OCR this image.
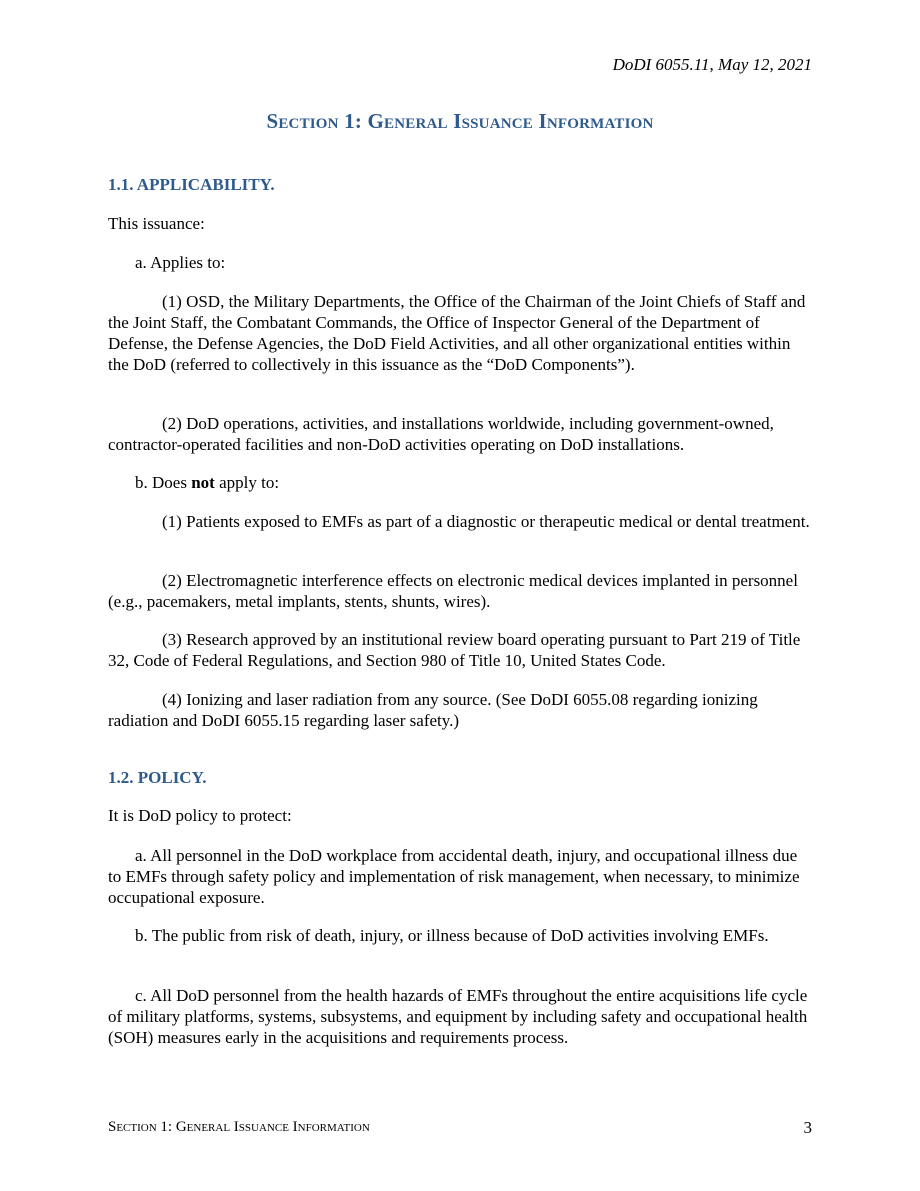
DoDI 6055.11, May 12, 2021
Section 1: General Issuance Information
1.1. APPLICABILITY.

This issuance:

a. Applies to:

(1) OSD, the Military Departments, the Office of the Chairman of the Joint Chiefs of Staff and the Joint Staff, the Combatant Commands, the Office of Inspector General of the Department of Defense, the Defense Agencies, the DoD Field Activities, and all other organizational entities within the DoD (referred to collectively in this issuance as the “DoD Components”).

(2) DoD operations, activities, and installations worldwide, including government-owned, contractor-operated facilities and non-DoD activities operating on DoD installations.

b. Does not apply to:

(1) Patients exposed to EMFs as part of a diagnostic or therapeutic medical or dental treatment.

(2) Electromagnetic interference effects on electronic medical devices implanted in personnel (e.g., pacemakers, metal implants, stents, shunts, wires).

(3) Research approved by an institutional review board operating pursuant to Part 219 of Title 32, Code of Federal Regulations, and Section 980 of Title 10, United States Code.

(4) Ionizing and laser radiation from any source. (See DoDI 6055.08 regarding ionizing radiation and DoDI 6055.15 regarding laser safety.)

1.2. POLICY.

It is DoD policy to protect:

a. All personnel in the DoD workplace from accidental death, injury, and occupational illness due to EMFs through safety policy and implementation of risk management, when necessary, to minimize occupational exposure.

b. The public from risk of death, injury, or illness because of DoD activities involving EMFs.

c. All DoD personnel from the health hazards of EMFs throughout the entire acquisitions life cycle of military platforms, systems, subsystems, and equipment by including safety and occupational health (SOH) measures early in the acquisitions and requirements process.

Section 1: General Issuance Information	3
